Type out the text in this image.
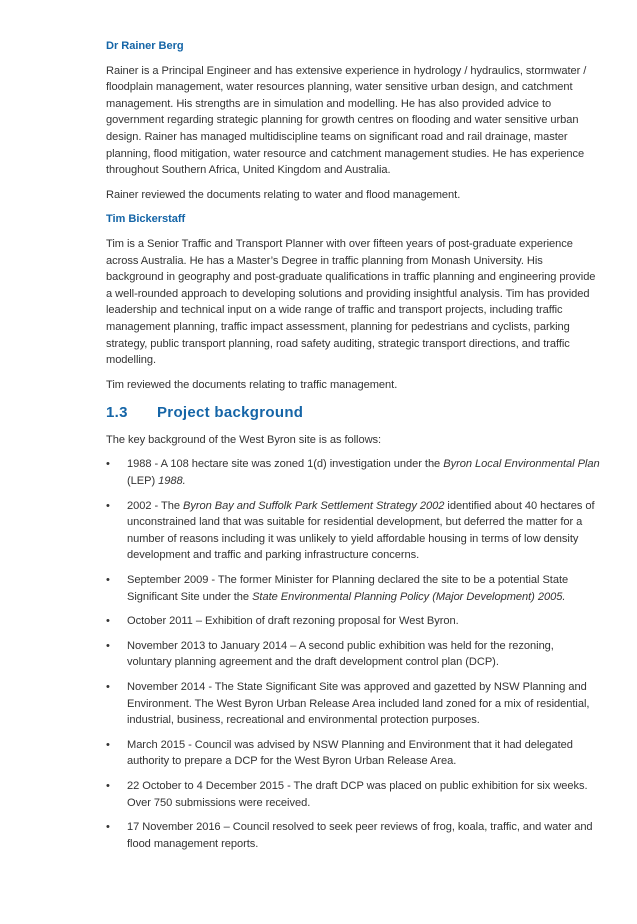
Dr Rainer Berg

Rainer is a Principal Engineer and has extensive experience in hydrology / hydraulics, stormwater / floodplain management, water resources planning, water sensitive urban design, and catchment management. His strengths are in simulation and modelling. He has also provided advice to government regarding strategic planning for growth centres on flooding and water sensitive urban design. Rainer has managed multidiscipline teams on significant road and rail drainage, master planning, flood mitigation, water resource and catchment management studies. He has experience throughout Southern Africa, United Kingdom and Australia.

Rainer reviewed the documents relating to water and flood management.

Tim Bickerstaff

Tim is a Senior Traffic and Transport Planner with over fifteen years of post-graduate experience across Australia. He has a Master’s Degree in traffic planning from Monash University. His background in geography and post-graduate qualifications in traffic planning and engineering provide a well-rounded approach to developing solutions and providing insightful analysis. Tim has provided leadership and technical input on a wide range of traffic and transport projects, including traffic management planning, traffic impact assessment, planning for pedestrians and cyclists, parking strategy, public transport planning, road safety auditing, strategic transport directions, and traffic modelling.

Tim reviewed the documents relating to traffic management.

1.3	Project background

The key background of the West Byron site is as follows:

• 1988 - A 108 hectare site was zoned 1(d) investigation under the Byron Local Environmental Plan (LEP) 1988.
• 2002 - The Byron Bay and Suffolk Park Settlement Strategy 2002 identified about 40 hectares of unconstrained land that was suitable for residential development, but deferred the matter for a number of reasons including it was unlikely to yield affordable housing in terms of low density development and traffic and parking infrastructure concerns.
• September 2009 - The former Minister for Planning declared the site to be a potential State Significant Site under the State Environmental Planning Policy (Major Development) 2005.
• October 2011 – Exhibition of draft rezoning proposal for West Byron.
• November 2013 to January 2014 – A second public exhibition was held for the rezoning, voluntary planning agreement and the draft development control plan (DCP).
• November 2014 - The State Significant Site was approved and gazetted by NSW Planning and Environment. The West Byron Urban Release Area included land zoned for a mix of residential, industrial, business, recreational and environmental protection purposes.
• March 2015 - Council was advised by NSW Planning and Environment that it had delegated authority to prepare a DCP for the West Byron Urban Release Area.
• 22 October to 4 December 2015 - The draft DCP was placed on public exhibition for six weeks. Over 750 submissions were received.
• 17 November 2016 – Council resolved to seek peer reviews of frog, koala, traffic, and water and flood management reports.
